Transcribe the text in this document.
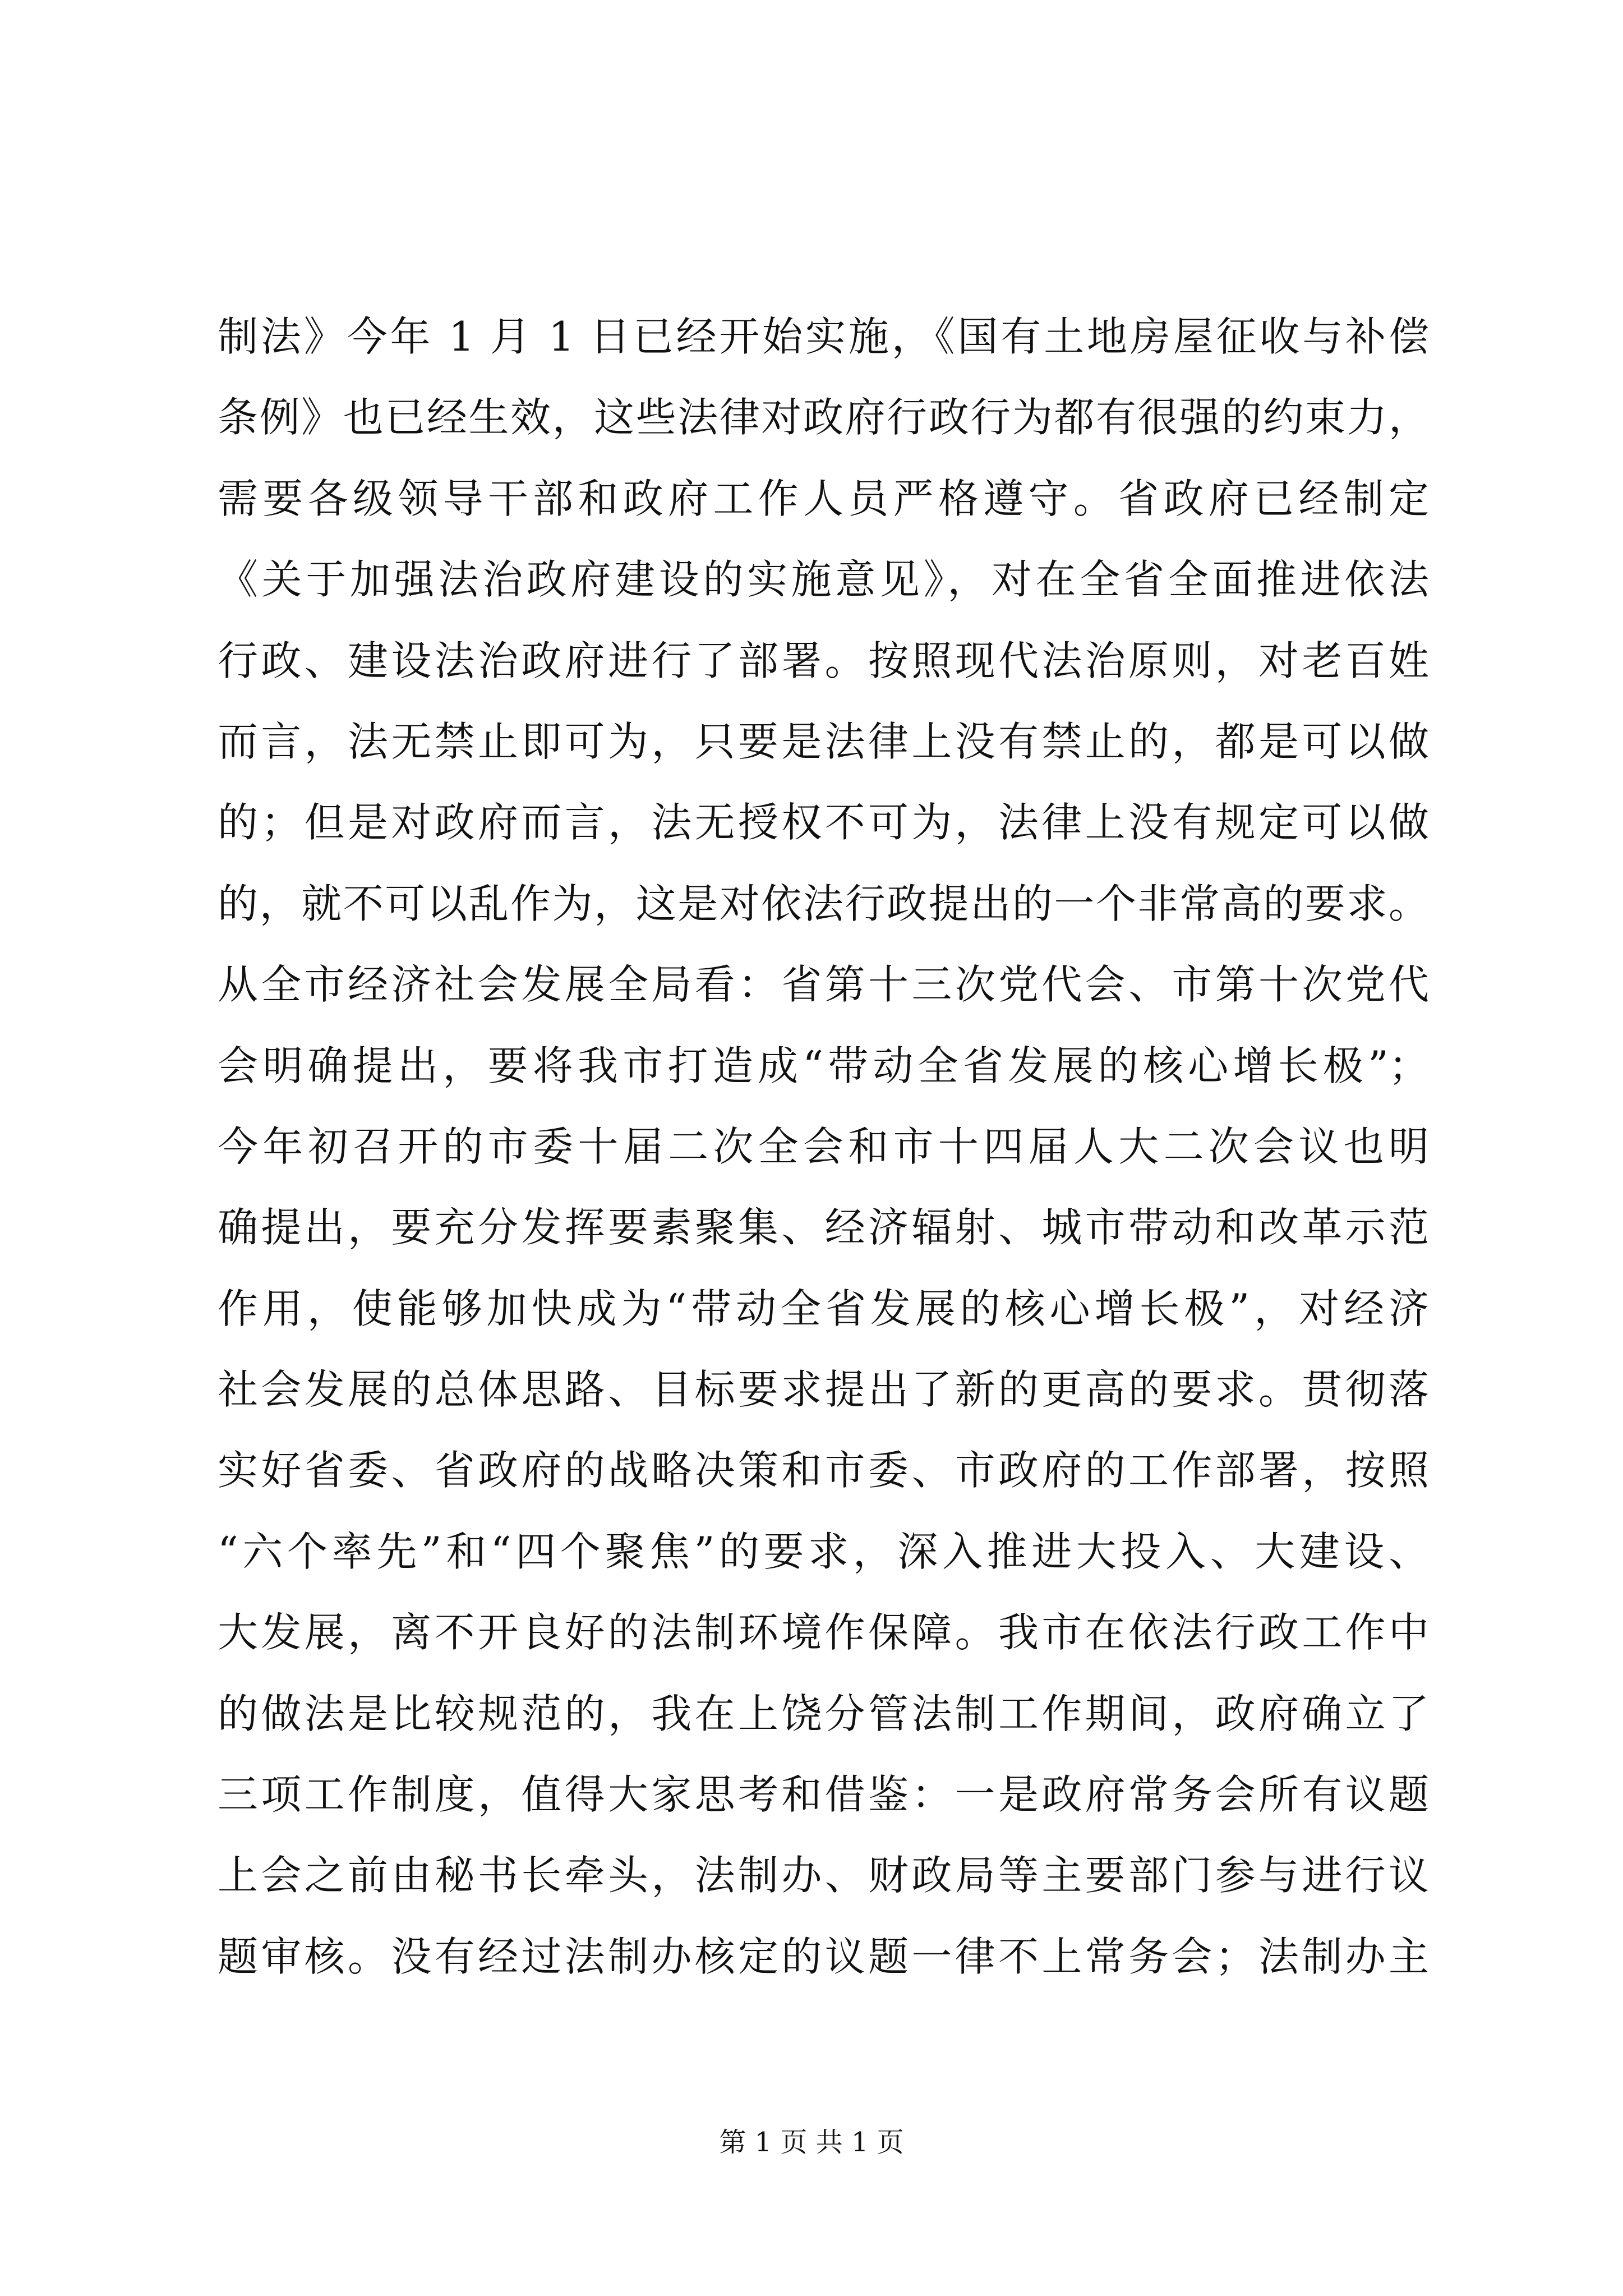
制法》今年 1 月 1 日已经开始实施，《国有土地房屋征收与补偿
条例》也已经生效，这些法律对政府行政行为都有很强的约束力，
需要各级领导干部和政府工作人员严格遵守。省政府已经制定
《关于加强法治政府建设的实施意见》，对在全省全面推进依法
行政、建设法治政府进行了部署。按照现代法治原则，对老百姓
而言，法无禁止即可为，只要是法律上没有禁止的，都是可以做
的；但是对政府而言，法无授权不可为，法律上没有规定可以做
的，就不可以乱作为，这是对依法行政提出的一个非常高的要求。
从全市经济社会发展全局看：省第十三次党代会、市第十次党代
会明确提出，要将我市打造成“带动全省发展的核心增长极”；
今年初召开的市委十届二次全会和市十四届人大二次会议也明
确提出，要充分发挥要素聚集、经济辐射、城市带动和改革示范
作用，使能够加快成为“带动全省发展的核心增长极”，对经济
社会发展的总体思路、目标要求提出了新的更高的要求。贯彻落
实好省委、省政府的战略决策和市委、市政府的工作部署，按照
“六个率先”和“四个聚焦”的要求，深入推进大投入、大建设、
大发展，离不开良好的法制环境作保障。我市在依法行政工作中
的做法是比较规范的，我在上饶分管法制工作期间，政府确立了
三项工作制度，值得大家思考和借鉴：一是政府常务会所有议题
上会之前由秘书长牵头，法制办、财政局等主要部门参与进行议
题审核。没有经过法制办核定的议题一律不上常务会；法制办主
第 1 页 共 1 页
